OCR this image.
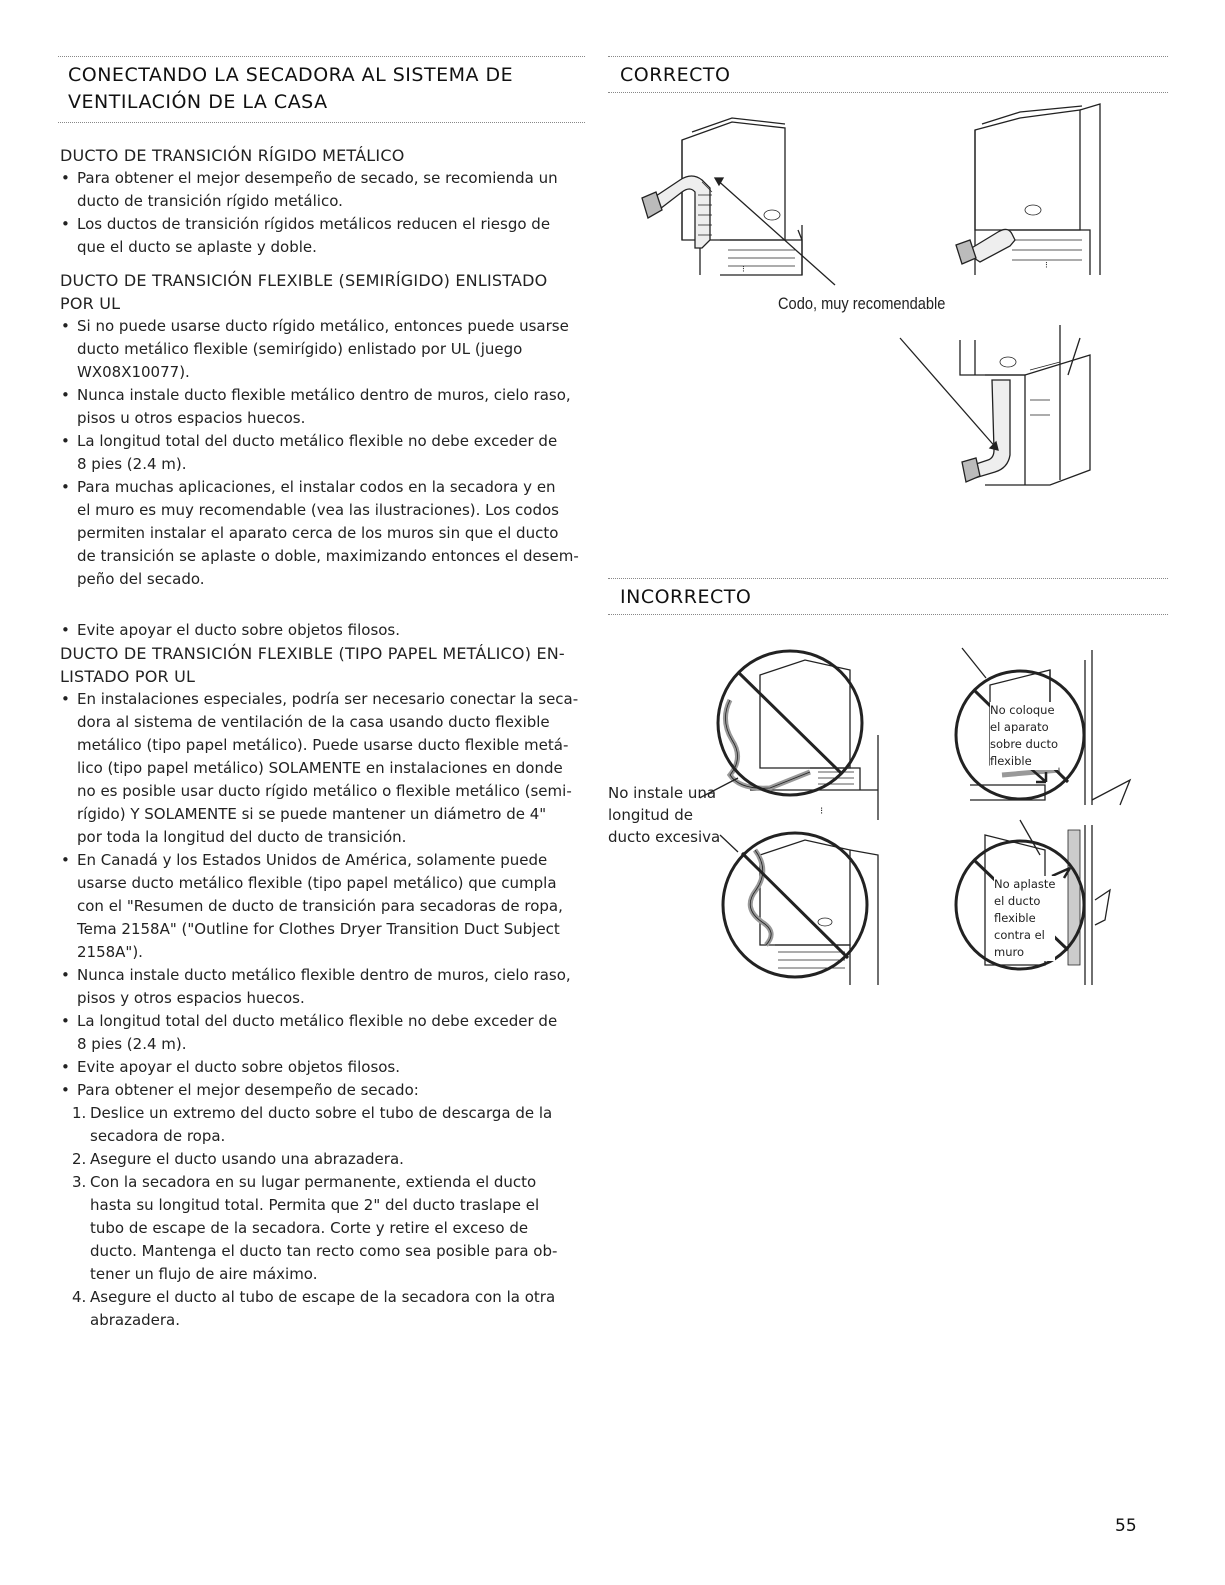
CONECTANDO LA SECADORA AL SISTEMA DE
VENTILACIÓN DE LA CASA
DUCTO DE TRANSICIÓN RÍGIDO METÁLICO
• Para obtener el mejor desempeño de secado, se recomienda un
ducto de transición rígido metálico.
• Los ductos de transición rígidos metálicos reducen el riesgo de
que el ducto se aplaste y doble.
DUCTO DE TRANSICIÓN FLEXIBLE (SEMIRÍGIDO) ENLISTADO
POR UL
• Si no puede usarse ducto rígido metálico, entonces puede usarse
ducto metálico flexible (semirígido) enlistado por UL (juego
WX08X10077).
• Nunca instale ducto flexible metálico dentro de muros, cielo raso,
pisos u otros espacios huecos.
• La longitud total del ducto metálico flexible no debe exceder de
8 pies (2.4 m).
• Para muchas aplicaciones, el instalar codos en la secadora y en
el muro es muy recomendable (vea las ilustraciones). Los codos
permiten instalar el aparato cerca de los muros sin que el ducto
de transición se aplaste o doble, maximizando entonces el desem-
peño del secado.
• Evite apoyar el ducto sobre objetos filosos.
DUCTO DE TRANSICIÓN FLEXIBLE (TIPO PAPEL METÁLICO) EN-
LISTADO POR UL
• En instalaciones especiales, podría ser necesario conectar la seca-
dora al sistema de ventilación de la casa usando ducto flexible
metálico (tipo papel metálico). Puede usarse ducto flexible metá-
lico (tipo papel metálico) SOLAMENTE en instalaciones en donde
no es posible usar ducto rígido metálico o flexible metálico (semi-
rígido) Y SOLAMENTE si se puede mantener un diámetro de 4"
por toda la longitud del ducto de transición.
• En Canadá y los Estados Unidos de América, solamente puede
usarse ducto metálico flexible (tipo papel metálico) que cumpla
con el "Resumen de ducto de transición para secadoras de ropa,
Tema 2158A" ("Outline for Clothes Dryer Transition Duct Subject
2158A").
• Nunca instale ducto metálico flexible dentro de muros, cielo raso,
pisos y otros espacios huecos.
• La longitud total del ducto metálico flexible no debe exceder de
8 pies (2.4 m).
• Evite apoyar el ducto sobre objetos filosos.
• Para obtener el mejor desempeño de secado:
1. Deslice un extremo del ducto sobre el tubo de descarga de la
secadora de ropa.
2. Asegure el ducto usando una abrazadera.
3. Con la secadora en su lugar permanente, extienda el ducto
hasta su longitud total. Permita que 2" del ducto traslape el
tubo de escape de la secadora. Corte y retire el exceso de
ducto. Mantenga el ducto tan recto como sea posible para ob-
tener un flujo de aire máximo.
4. Asegure el ducto al tubo de escape de la secadora con la otra
abrazadera.
CORRECTO
⁝	⁝
Codo, muy recomendable
INCORRECTO
⁝
No instale una
longitud de
ducto excesiva
No coloque
el aparato
sobre ducto
flexible
No aplaste
el ducto
flexible
contra el
muro
55
